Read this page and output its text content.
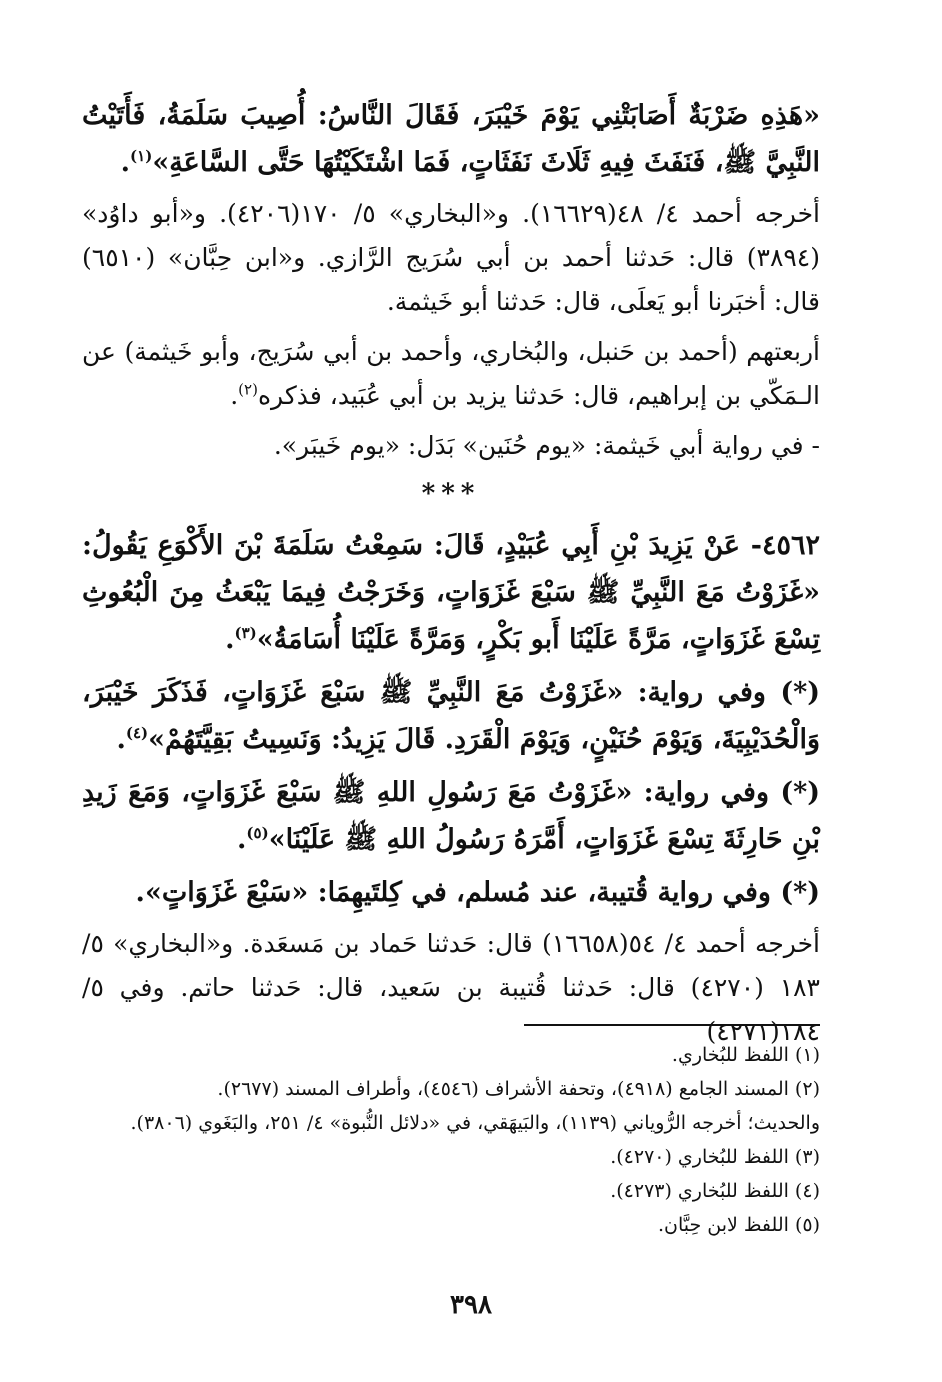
«هَذِهِ ضَرْبَةٌ أَصَابَتْنِي يَوْمَ خَيْبَرَ، فَقَالَ النَّاسُ: أُصِيبَ سَلَمَةُ، فَأَتَيْتُ النَّبِيَّ ﷺ، فَنَفَثَ فِيهِ ثَلَاثَ نَفَثَاتٍ، فَمَا اشْتَكَيْتُهَا حَتَّى السَّاعَةِ»$^{(١)}$.

أخرجه أحمد ٤/ ٤٨(١٦٦٢٩). و«البخاري» ٥/ ١٧٠(٤٢٠٦). و«أبو داوُد» (٣٨٩٤) قال: حَدثنا أحمد بن أبي سُرَيج الرَّازي. و«ابن حِبَّان» (٦٥١٠) قال: أخبَرنا أبو يَعلَى، قال: حَدثنا أبو خَيثمة.

أربعتهم (أحمد بن حَنبل، والبُخاري، وأحمد بن أبي سُرَيج، وأبو خَيثمة) عن الـمَكّي بن إبراهيم، قال: حَدثنا يزيد بن أبي عُبَيد، فذكره$^{(٢)}$.

- في رواية أبي خَيثمة: «يوم حُنَين» بَدَل: «يوم خَيبَر».

***

٤٥٦٢- عَنْ يَزِيدَ بْنِ أَبِي عُبَيْدٍ، قَالَ: سَمِعْتُ سَلَمَةَ بْنَ الأَكْوَعِ يَقُولُ: «غَزَوْتُ مَعَ النَّبِيِّ ﷺ سَبْعَ غَزَوَاتٍ، وَخَرَجْتُ فِيمَا يَبْعَثُ مِنَ الْبُعُوثِ تِسْعَ غَزَوَاتٍ، مَرَّةً عَلَيْنَا أَبو بَكْرٍ، وَمَرَّةً عَلَيْنَا أُسَامَةُ»$^{(٣)}$.

(*) وفي رواية: «غَزَوْتُ مَعَ النَّبِيِّ ﷺ سَبْعَ غَزَوَاتٍ، فَذَكَرَ خَيْبَرَ، وَالْحُدَيْبِيَةَ، وَيَوْمَ حُنَيْنٍ، وَيَوْمَ الْقَرَدِ. قَالَ يَزِيدُ: وَنَسِيتُ بَقِيَّتَهُمْ»$^{(٤)}$.

(*) وفي رواية: «غَزَوْتُ مَعَ رَسُولِ اللهِ ﷺ سَبْعَ غَزَوَاتٍ، وَمَعَ زَيدِ بْنِ حَارِثَةَ تِسْعَ غَزَوَاتٍ، أَمَّرَهُ رَسُولُ اللهِ ﷺ عَلَيْنَا»$^{(٥)}$.

(*) وفي رواية قُتيبة، عند مُسلم، في كِلتَيهِمَا: «سَبْعَ غَزَوَاتٍ».

أخرجه أحمد ٤/ ٥٤(١٦٦٥٨) قال: حَدثنا حَماد بن مَسعَدة. و«البخاري» ٥/ ١٨٣ (٤٢٧٠) قال: حَدثنا قُتيبة بن سَعيد، قال: حَدثنا حاتم. وفي ٥/ ١٨٤(٤٢٧١)

(١) اللفظ للبُخاري.

(٢) المسند الجامع (٤٩١٨)، وتحفة الأشراف (٤٥٤٦)، وأطراف المسند (٢٦٧٧).

والحديث؛ أخرجه الرُّوياني (١١٣٩)، والبَيهَقي، في «دلائل النُّبوة» ٤/ ٢٥١، والبَغَوي (٣٨٠٦).

(٣) اللفظ للبُخاري (٤٢٧٠).

(٤) اللفظ للبُخاري (٤٢٧٣).

(٥) اللفظ لابن حِبَّان.

٣٩٨
